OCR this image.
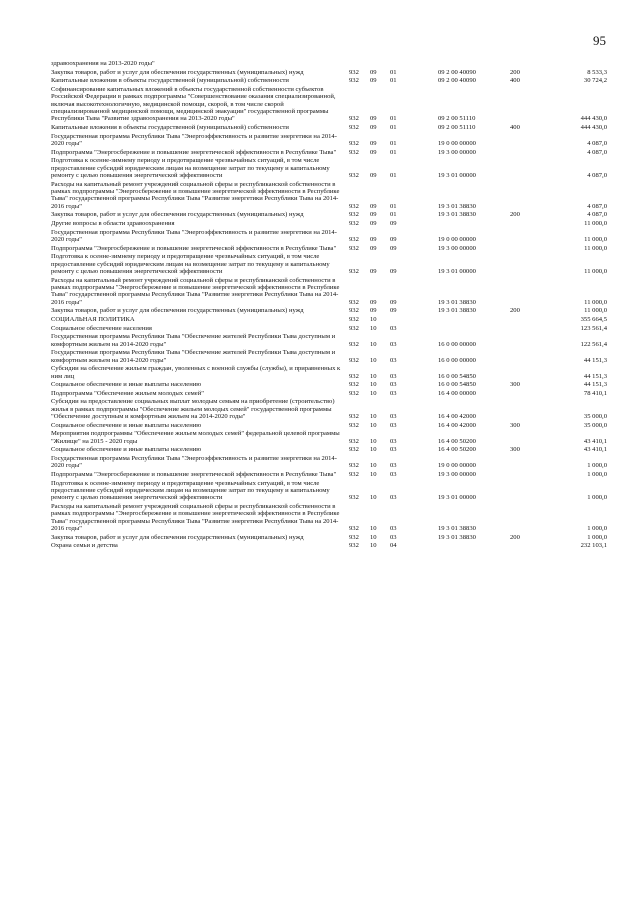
95
здравоохранения на 2013-2020 годы"						

Закупка товаров, работ и услуг для обеспечения государственных (муниципальных) нужд	932	09	01	09 2 00 40090	200	8 533,3

Капитальные вложения в объекты государственной (муниципальной) собственности	932	09	01	09 2 00 40090	400	30 724,2

Софинансирование капитальных вложений в объекты государственной собственности субъектов Российской Федерации в рамках подпрограммы "Совершенствование оказания специализированной, включая высокотехнологичную, медицинской помощи, скорой, в том числе скорой специализированной медицинской помощи, медицинской эвакуации" государственной программы Республики Тыва "Развитие здравоохранения на 2013-2020 годы"	932	09	01	09 2 00 51110		444 430,0

Капитальные вложения в объекты государственной (муниципальной) собственности	932	09	01	09 2 00 51110	400	444 430,0

Государственная программа Республики Тыва "Энергоэффективность и развитие энергетики на 2014-2020 годы"	932	09	01	19 0 00 00000		4 087,0

Подпрограмма "Энергосбережение и повышение энергетической эффективности в Республике Тыва"	932	09	01	19 3 00 00000		4 087,0

Подготовка к осенне-зимнему периоду и предотвращение чрезвычайных ситуаций, в том числе предоставление субсидий юридическим лицам на возмещение затрат по текущему и капитальному ремонту с целью повышения энергетической эффективности	932	09	01	19 3 01 00000		4 087,0

Расходы на капитальный ремонт учреждений социальной сферы и республиканской собственности в рамках подпрограммы "Энергосбережение и повышение энергетической эффективности в Республике Тыва" государственной программы Республики Тыва "Развитие энергетики Республики Тыва на 2014-2016 годы"	932	09	01	19 3 01 38830		4 087,0

Закупка товаров, работ и услуг для обеспечения государственных (муниципальных) нужд	932	09	01	19 3 01 38830	200	4 087,0

Другие вопросы в области здравоохранения	932	09	09			11 000,0

Государственная программа Республики Тыва "Энергоэффективность и развитие энергетики на 2014-2020 годы"	932	09	09	19 0 00 00000		11 000,0

Подпрограмма "Энергосбережение и повышение энергетической эффективности в Республике Тыва"	932	09	09	19 3 00 00000		11 000,0

Подготовка к осенне-зимнему периоду и предотвращение чрезвычайных ситуаций, в том числе предоставление субсидий юридическим лицам на возмещение затрат по текущему и капитальному ремонту с целью повышения энергетической эффективности	932	09	09	19 3 01 00000		11 000,0

Расходы на капитальный ремонт учреждений социальной сферы и республиканской собственности в рамках подпрограммы "Энергосбережение и повышение энергетической эффективности в Республике Тыва" государственной программы Республики Тыва "Развитие энергетики Республики Тыва на 2014-2016 годы"	932	09	09	19 3 01 38830		11 000,0

Закупка товаров, работ и услуг для обеспечения государственных (муниципальных) нужд	932	09	09	19 3 01 38830	200	11 000,0

СОЦИАЛЬНАЯ ПОЛИТИКА	932	10				355 664,5

Социальное обеспечение населения	932	10	03			123 561,4

Государственная программа Республики Тыва "Обеспечение жителей Республики Тыва доступным и комфортным жильем на 2014-2020 годы"	932	10	03	16 0 00 00000		122 561,4

Государственная программа Республики Тыва "Обеспечение жителей Республики Тыва доступным и комфортным жильем на 2014-2020 годы"	932	10	03	16 0 00 00000		44 151,3

Субсидии на обеспечение жильем граждан, уволенных с военной службы (службы), и приравненных к ним лиц	932	10	03	16 0 00 54850		44 151,3

Социальное обеспечение и иные выплаты населению	932	10	03	16 0 00 54850	300	44 151,3

Подпрограмма "Обеспечение жильем молодых семей"	932	10	03	16 4 00 00000		78 410,1

Субсидии на предоставление социальных выплат молодым семьям на приобретение (строительство) жилья в рамках подпрограммы "Обеспечение жильем молодых семей" государственной программы "Обеспечение доступным и комфортным жильем на 2014-2020 годы"	932	10	03	16 4 00 42000		35 000,0

Социальное обеспечение и иные выплаты населению	932	10	03	16 4 00 42000	300	35 000,0

Мероприятия подпрограммы "Обеспечение жильем молодых семей" федеральной целевой программы "Жилище" на 2015 - 2020 годы	932	10	03	16 4 00 50200		43 410,1

Социальное обеспечение и иные выплаты населению	932	10	03	16 4 00 50200	300	43 410,1

Государственная программа Республики Тыва "Энергоэффективность и развитие энергетики на 2014-2020 годы"	932	10	03	19 0 00 00000		1 000,0

Подпрограмма "Энергосбережение и повышение энергетической эффективности в Республике Тыва"	932	10	03	19 3 00 00000		1 000,0

Подготовка к осенне-зимнему периоду и предотвращение чрезвычайных ситуаций, в том числе предоставление субсидий юридическим лицам на возмещение затрат по текущему и капитальному ремонту с целью повышения энергетической эффективности	932	10	03	19 3 01 00000		1 000,0

Расходы на капитальный ремонт учреждений социальной сферы и республиканской собственности в рамках подпрограммы "Энергосбережение и повышение энергетической эффективности в Республике Тыва" государственной программы Республики Тыва "Развитие энергетики Республики Тыва на 2014-2016 годы"	932	10	03	19 3 01 38830		1 000,0

Закупка товаров, работ и услуг для обеспечения государственных (муниципальных) нужд	932	10	03	19 3 01 38830	200	1 000,0

Охрана семьи и детства	932	10	04			232 103,1
